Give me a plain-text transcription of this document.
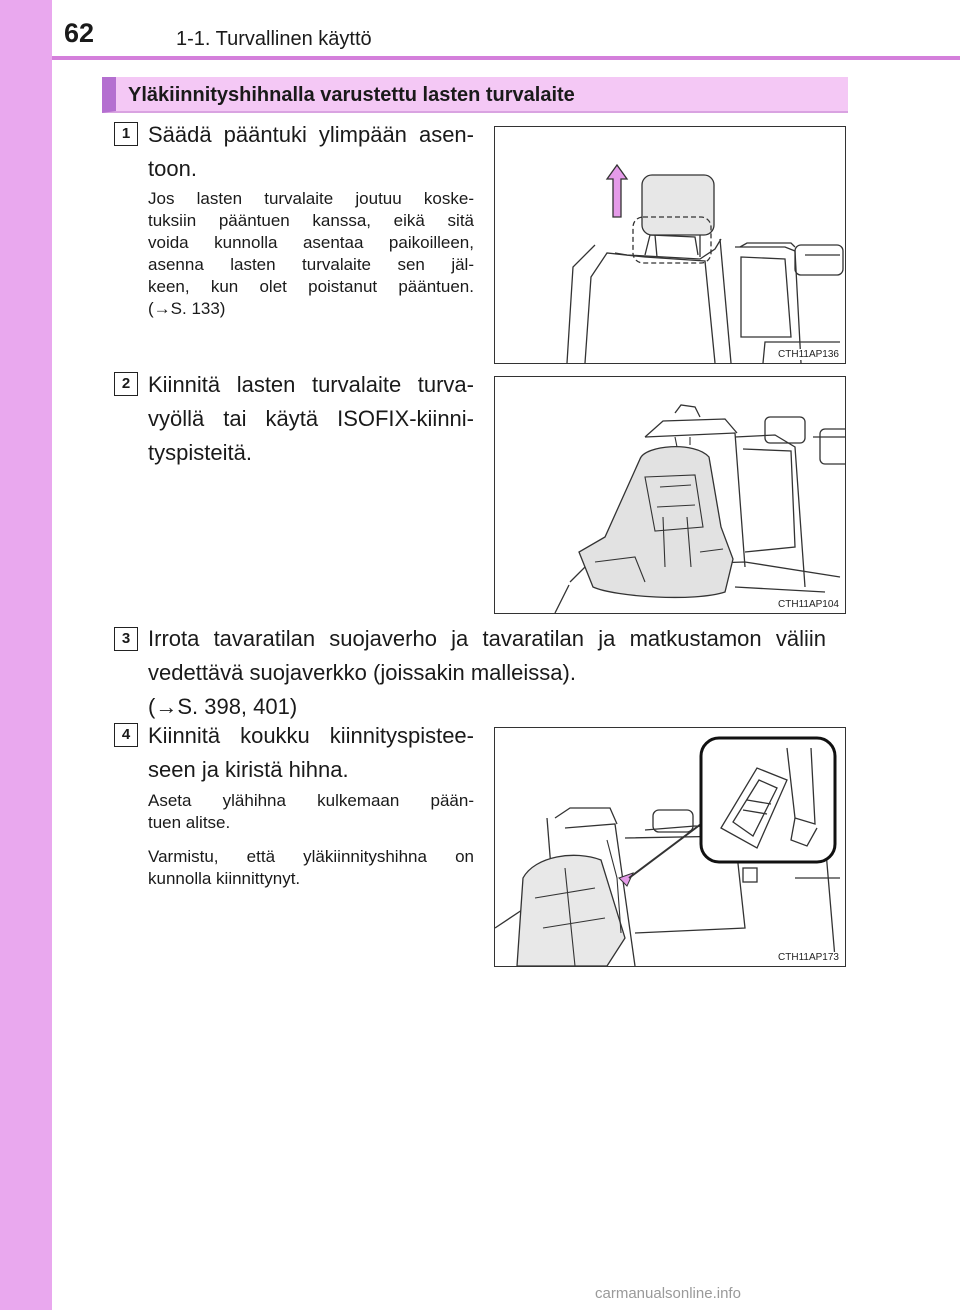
62	1-1. Turvallinen käyttö
Yläkiinnityshihnalla varustettu lasten turvalaite
1 Säädä pääntuki ylimpään asen-
toon.
Jos lasten turvalaite joutuu koske-
tuksiin pääntuen kanssa, eikä sitä
voida kunnolla asentaa paikoilleen,
asenna lasten turvalaite sen jäl-
keen, kun olet poistanut pääntuen.
(→S. 133)
CTH11AP136
2 Kiinnitä lasten turvalaite turva-
vyöllä tai käytä ISOFIX-kiinni-
tyspisteitä.
CTH11AP104
3 Irrota tavaratilan suojaverho ja tavaratilan ja matkustamon väliin
vedettävä suojaverkko (joissakin malleissa).
(→S. 398, 401)
4 Kiinnitä koukku kiinnityspistee-
seen ja kiristä hihna.
Aseta ylähihna kulkemaan pään-
tuen alitse.
Varmistu, että yläkiinnityshihna on
kunnolla kiinnittynyt.
CTH11AP173
carmanualsonline.info
